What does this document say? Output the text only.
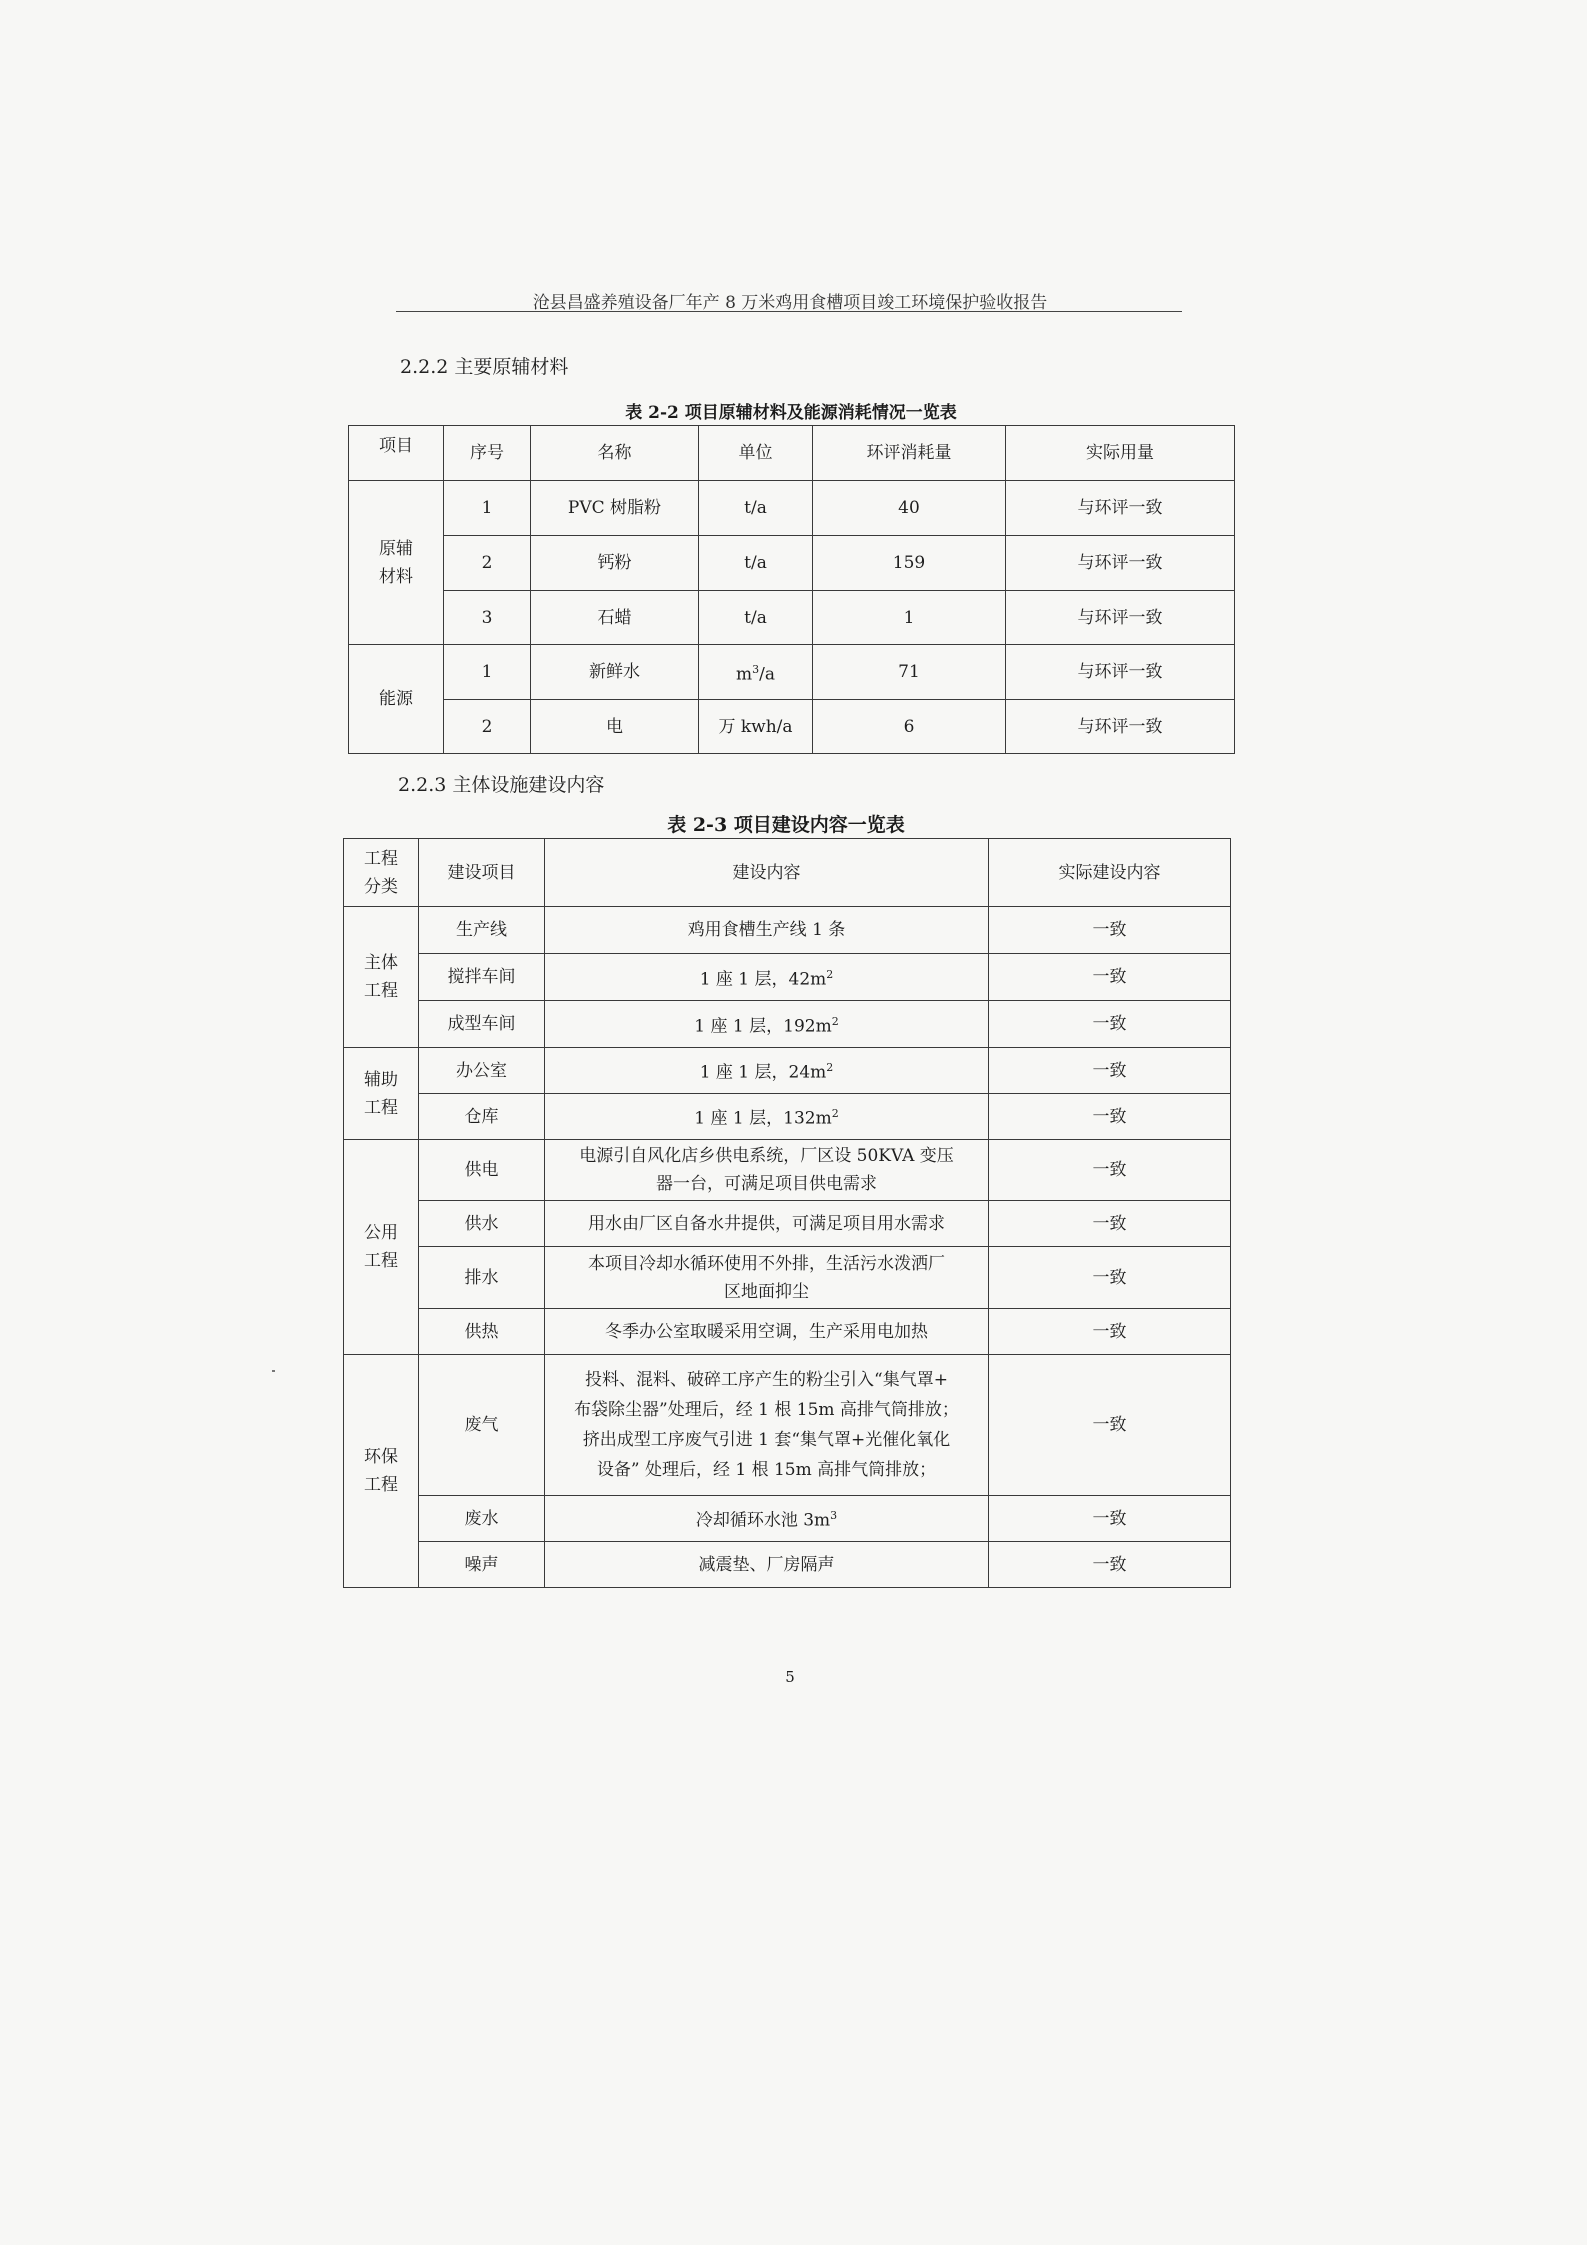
沧县昌盛养殖设备厂年产 8 万米鸡用食槽项目竣工环境保护验收报告
2.2.2 主要原辅材料
表 2-2 项目原辅材料及能源消耗情况一览表
项目	序号	名称	单位	环评消耗量	实际用量
原辅
材料	1	PVC 树脂粉	t/a	40	与环评一致
	2	钙粉	t/a	159	与环评一致
	3	石蜡	t/a	1	与环评一致
能源	1	新鲜水	$m^3/a$	71	与环评一致
	2	电	万 kwh/a	6	与环评一致
2.2.3 主体设施建设内容
表 2-3 项目建设内容一览表
工程
分类	建设项目	建设内容	实际建设内容
主体
工程	生产线	鸡用食槽生产线 1 条	一致
	搅拌车间	1 座 1 层，$42m^2$	一致
	成型车间	1 座 1 层，$192m^2$	一致
辅助
工程	办公室	1 座 1 层，$24m^2$	一致
	仓库	1 座 1 层，$132m^2$	一致
公用
工程	供电	电源引自风化店乡供电系统，厂区设 50KVA 变压
器一台，可满足项目供电需求	一致
	供水	用水由厂区自备水井提供，可满足项目用水需求	一致
	排水	本项目冷却水循环使用不外排，生活污水泼洒厂
区地面抑尘	一致
	供热	冬季办公室取暖采用空调，生产采用电加热	一致
环保
工程	废气	投料、混料、破碎工序产生的粉尘引入“集气罩+
布袋除尘器”处理后，经 1 根 15m 高排气筒排放；
挤出成型工序废气引进 1 套“集气罩+光催化氧化
设备” 处理后，经 1 根 15m 高排气筒排放；	一致
	废水	冷却循环水池 $3m^3$	一致
	噪声	减震垫、厂房隔声	一致
5
